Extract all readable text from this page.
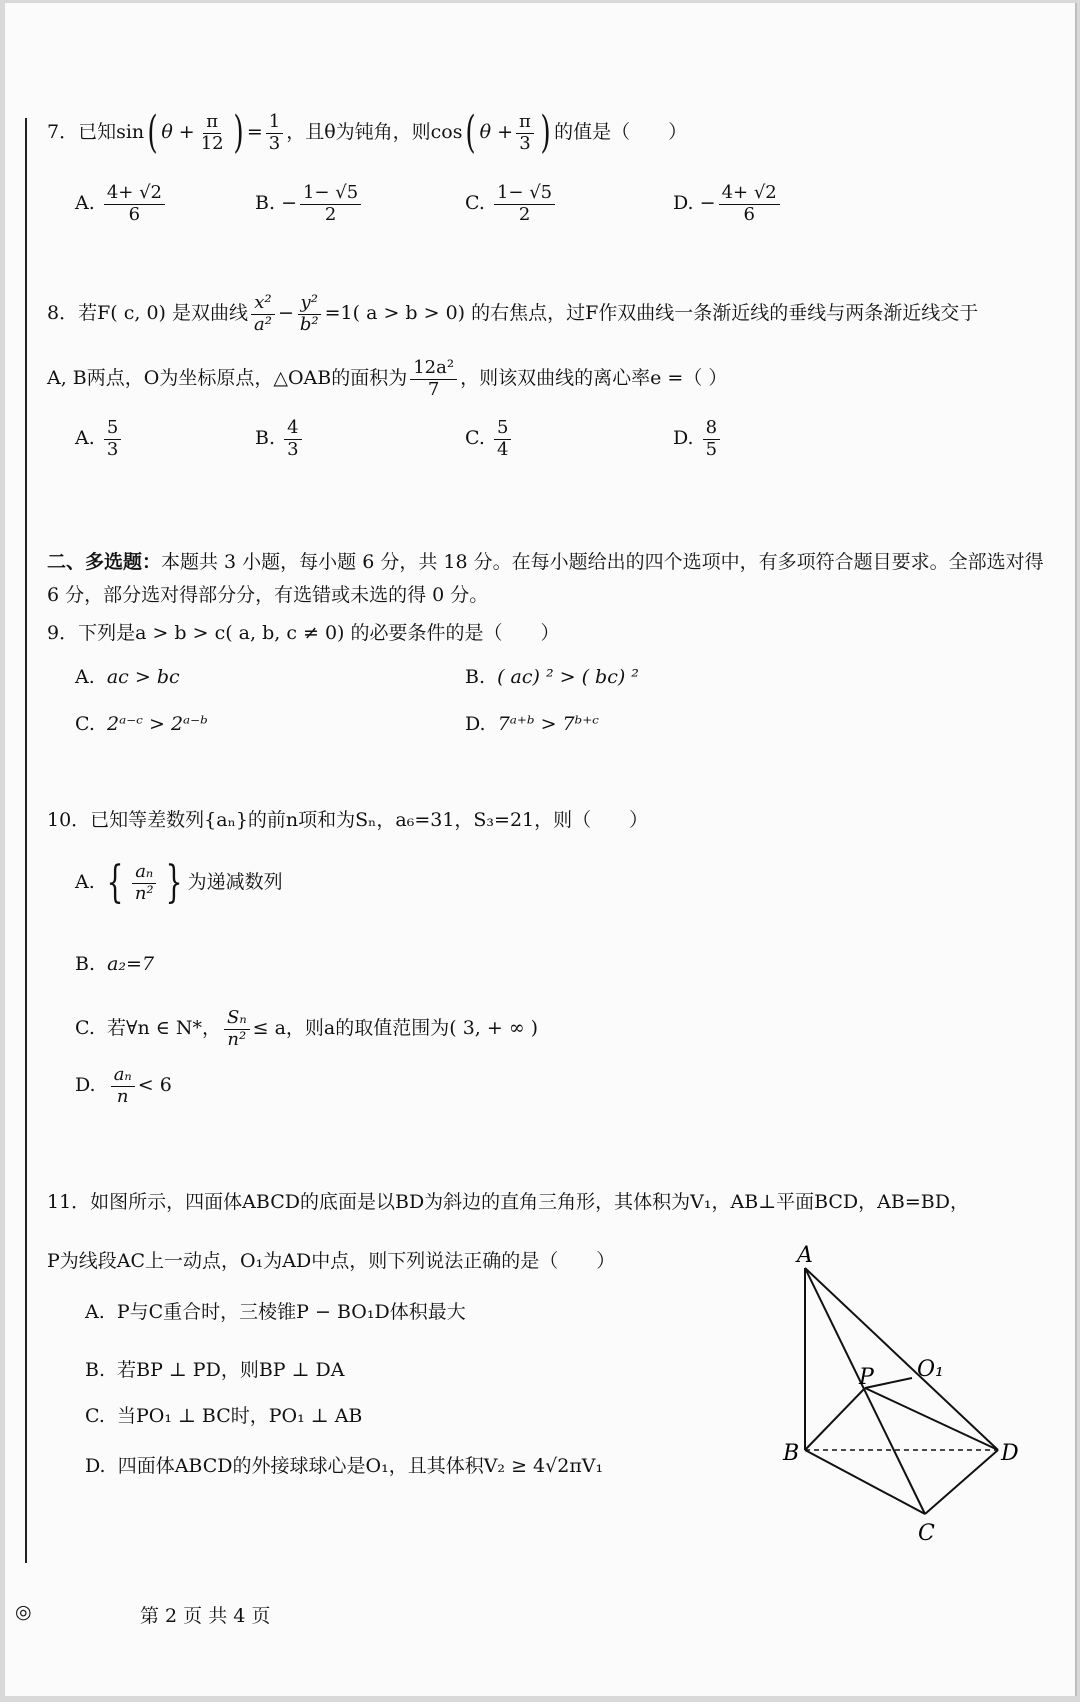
7．已知sin( $\theta + \frac{\pi}{12}$ ) = $\frac{1}{3}$ ，且θ为钝角，则cos( $\theta + \frac{\pi}{3}$ ) 的值是（　　）
A. $\frac{4+ √2}{6}$	B. − $\frac{1- √5}{2}$	C. $\frac{1- √5}{2}$	D. − $\frac{4+ √2}{6}$
8．若F( c, 0) 是双曲线 $\frac{\text{x²}}{\text{a²}} - \frac{\text{y²}}{\text{b²}} =1$( a > b > 0) 的右焦点，过F作双曲线一条渐近线的垂线与两条渐近线交于
A, B两点，O为坐标原点，△OAB的面积为 $\frac{\text{12a²}}{7}$ ，则该双曲线的离心率e =（ ）
A. $\frac{5}{3}$	B. $\frac{4}{3}$	C. $\frac{5}{4}$	D. $\frac{8}{5}$
二、多选题：本题共 3 小题，每小题 6 分，共 18 分。在每小题给出的四个选项中，有多项符合题目要求。全部选对得 6 分，部分选对得部分分，有选错或未选的得 0 分。
9．下列是a > b > c( a, b, c ≠ 0) 的必要条件的是（　　）
A. ac > bc	B. ( ac) ² > ( bc) ²
C. 2ᵃ⁻ᶜ > 2ᵃ⁻ᵇ	D. 7ᵃ⁺ᵇ > 7ᵇ⁺ᶜ
10．已知等差数列{aₙ}的前n项和为Sₙ，a₆=31，S₃=21，则（　　）
A. { $\frac{\text{aₙ}}{\text{n²}}$ } 为递减数列
B. a₂=7
C. 若∀n ∈ N*， $\frac{\text{Sₙ}}{\text{n²}} \le a$，则a的取值范围为( 3, + ∞ )
D. $\frac{\text{aₙ}}{n} < 6$
11．如图所示，四面体ABCD的底面是以BD为斜边的直角三角形，其体积为V₁，AB⊥平面BCD，AB=BD，
P为线段AC上一动点，O₁为AD中点，则下列说法正确的是（　　）
A. P与C重合时，三棱锥P − BO₁D体积最大
B. 若BP ⊥ PD，则BP ⊥ DA
C. 当PO₁ ⊥ BC时，PO₁ ⊥ AB
D. 四面体ABCD的外接球球心是O₁，且其体积V₂ ≥ 4√2πV₁
A
B
C
D
P O₁
◎	第 2 页 共 4 页
